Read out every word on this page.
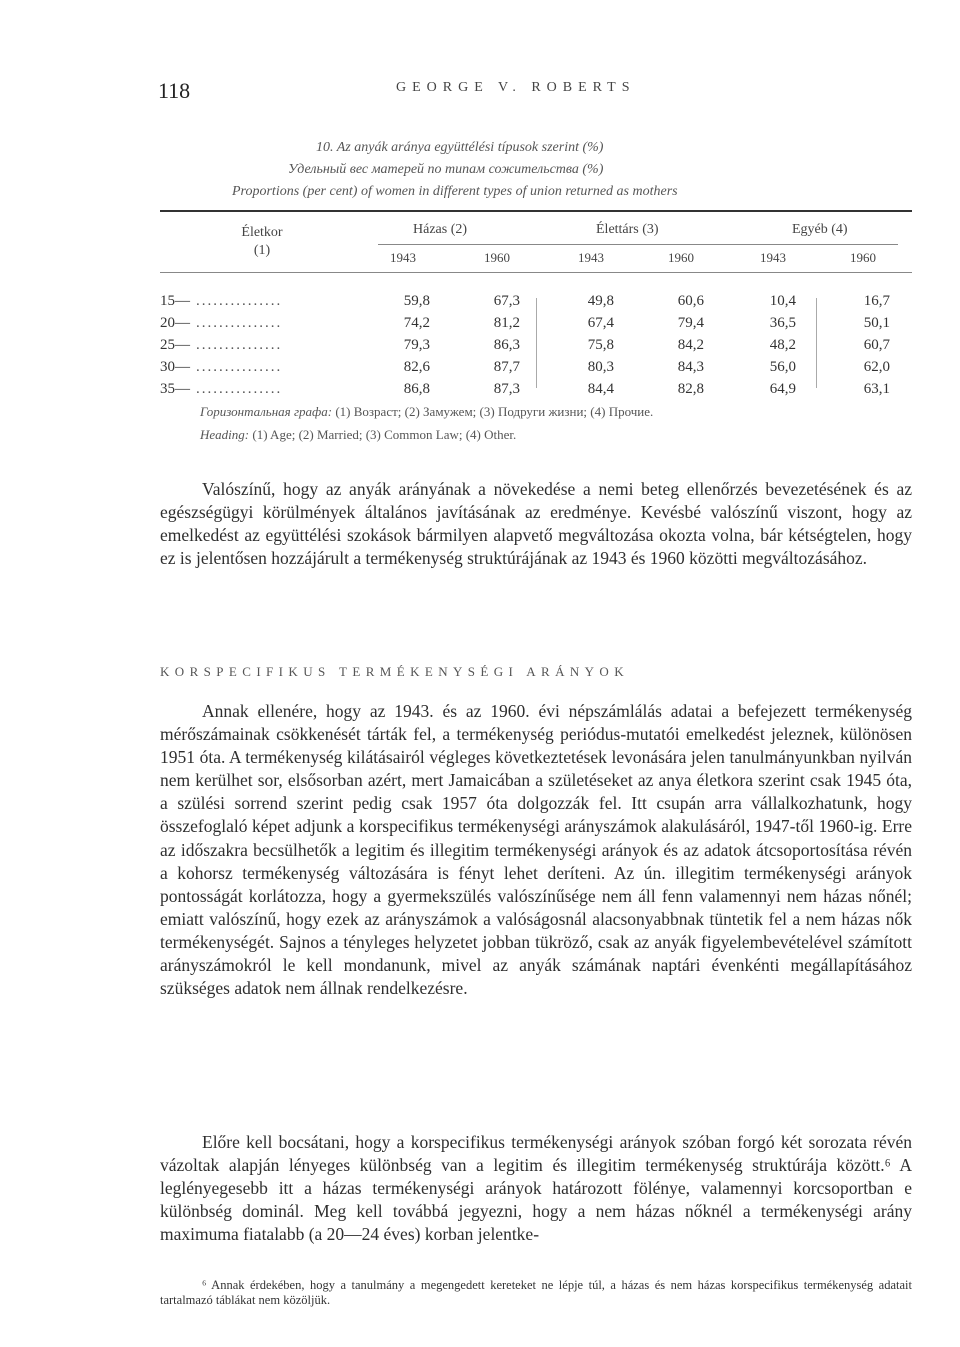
118	GEORGE V. ROBERTS
10. Az anyák aránya együttélési típusok szerint (%)
Удельный вес матерей по типам сожительства (%)
Proportions (per cent) of women in different types of union returned as mothers
Életkor (1)
Házas (2)	Élettárs (3)	Egyéb (4)
1943	1960	1943	1960	1943	1960
15— ...............	59,8	67,3	49,8	60,6	10,4	16,7
20— ...............	74,2	81,2	67,4	79,4	36,5	50,1
25— ...............	79,3	86,3	75,8	84,2	48,2	60,7
30— ...............	82,6	87,7	80,3	84,3	56,0	62,0
35— ...............	86,8	87,3	84,4	82,8	64,9	63,1
Горизонтальная графа: (1) Возраст; (2) Замужем; (3) Подруги жизни; (4) Прочие.
Heading: (1) Age; (2) Married; (3) Common Law; (4) Other.

Valószínű, hogy az anyák arányának a növekedése a nemi beteg ellenőrzés bevezetésének és az egészségügyi körülmények általános javításának az eredménye. Kevésbé valószínű viszont, hogy az emelkedést az együttélési szokások bármilyen alapvető megváltozása okozta volna, bár kétségtelen, hogy ez is jelentősen hozzájárult a termékenység struktúrájának az 1943 és 1960 közötti megváltozásához.

KORSPECIFIKUS TERMÉKENYSÉGI ARÁNYOK

Annak ellenére, hogy az 1943. és az 1960. évi népszámlálás adatai a befejezett termékenység mérőszámainak csökkenését tárták fel, a termékenység periódus-mutatói emelkedést jeleznek, különösen 1951 óta. A termékenység kilátásairól végleges következtetések levonására jelen tanulmányunkban nyilván nem kerülhet sor, elsősorban azért, mert Jamaicában a születéseket az anya életkora szerint csak 1945 óta, a szülési sorrend szerint pedig csak 1957 óta dolgozzák fel. Itt csupán arra vállalkozhatunk, hogy összefoglaló képet adjunk a korspecifikus termékenységi arányszámok alakulásáról, 1947-től 1960-ig. Erre az időszakra becsülhetők a legitim és illegitim termékenységi arányok és az adatok átcsoportosítása révén a kohorsz termékenység változására is fényt lehet deríteni. Az ún. illegitim termékenységi arányok pontosságát korlátozza, hogy a gyermekszülés valószínűsége nem áll fenn valamennyi nem házas nőnél; emiatt valószínű, hogy ezek az arányszámok a valóságosnál alacsonyabbnak tüntetik fel a nem házas nők termékenységét. Sajnos a tényleges helyzetet jobban tükröző, csak az anyák figyelembevételével számított arányszámokról le kell mondanunk, mivel az anyák számának naptári évenkénti megállapításához szükséges adatok nem állnak rendelkezésre.

Előre kell bocsátani, hogy a korspecifikus termékenységi arányok szóban forgó két sorozata révén vázoltak alapján lényeges különbség van a legitim és illegitim termékenység struktúrája között.⁶ A leglényegesebb itt a házas termékenységi arányok határozott fölénye, valamennyi korcsoportban e különbség dominál. Meg kell továbbá jegyezni, hogy a nem házas nőknél a termékenységi arány maximuma fiatalabb (a 20—24 éves) korban jelentke-

⁶ Annak érdekében, hogy a tanulmány a megengedett kereteket ne lépje túl, a házas és nem házas korspecifikus termékenység adatait tartalmazó táblákat nem közöljük.
